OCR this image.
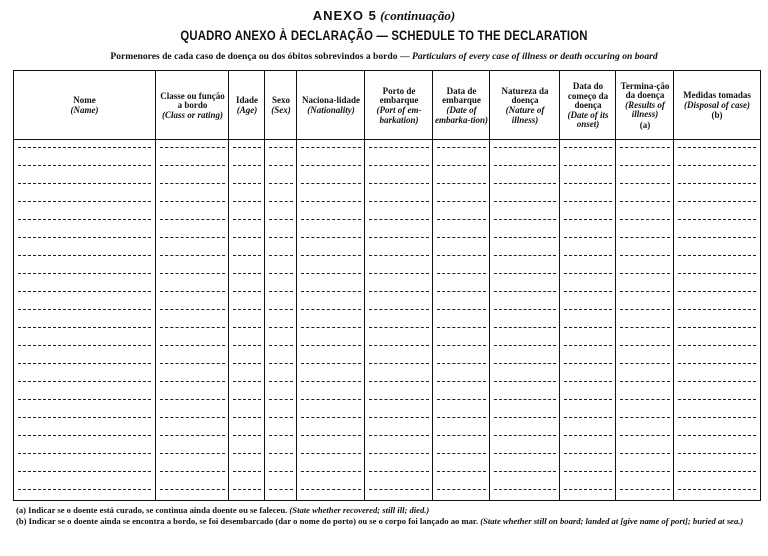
ANEXO 5 (continuação)
QUADRO ANEXO À DECLARAÇÃO — SCHEDULE TO THE DECLARATION
Pormenores de cada caso de doença ou dos óbitos sobrevindos a bordo — Particulars of every case of illness or death occuring on board
Nome
(Name)
Classe ou função a bordo
(Class or rating)
Idade
(Age)
Sexo
(Sex)
Naciona-lidade
(Nationality)
Porto de embarque
(Port of em-barkation)
Data de embarque
(Date of embarka-tion)
Natureza da doença
(Nature of illness)
Data do começo da doença
(Date of its onset)
Termina-ção da doença
(Results of illness)
(a)
Medidas tomadas
(Disposal of case)
(b)
(a) Indicar se o doente está curado, se continua ainda doente ou se faleceu. (State whether recovered; still ill; died.)
(b) Indicar se o doente ainda se encontra a bordo, se foi desembarcado (dar o nome do porto) ou se o corpo foi lançado ao mar. (State whether still on board; landed at [give name of port]; buried at sea.)
